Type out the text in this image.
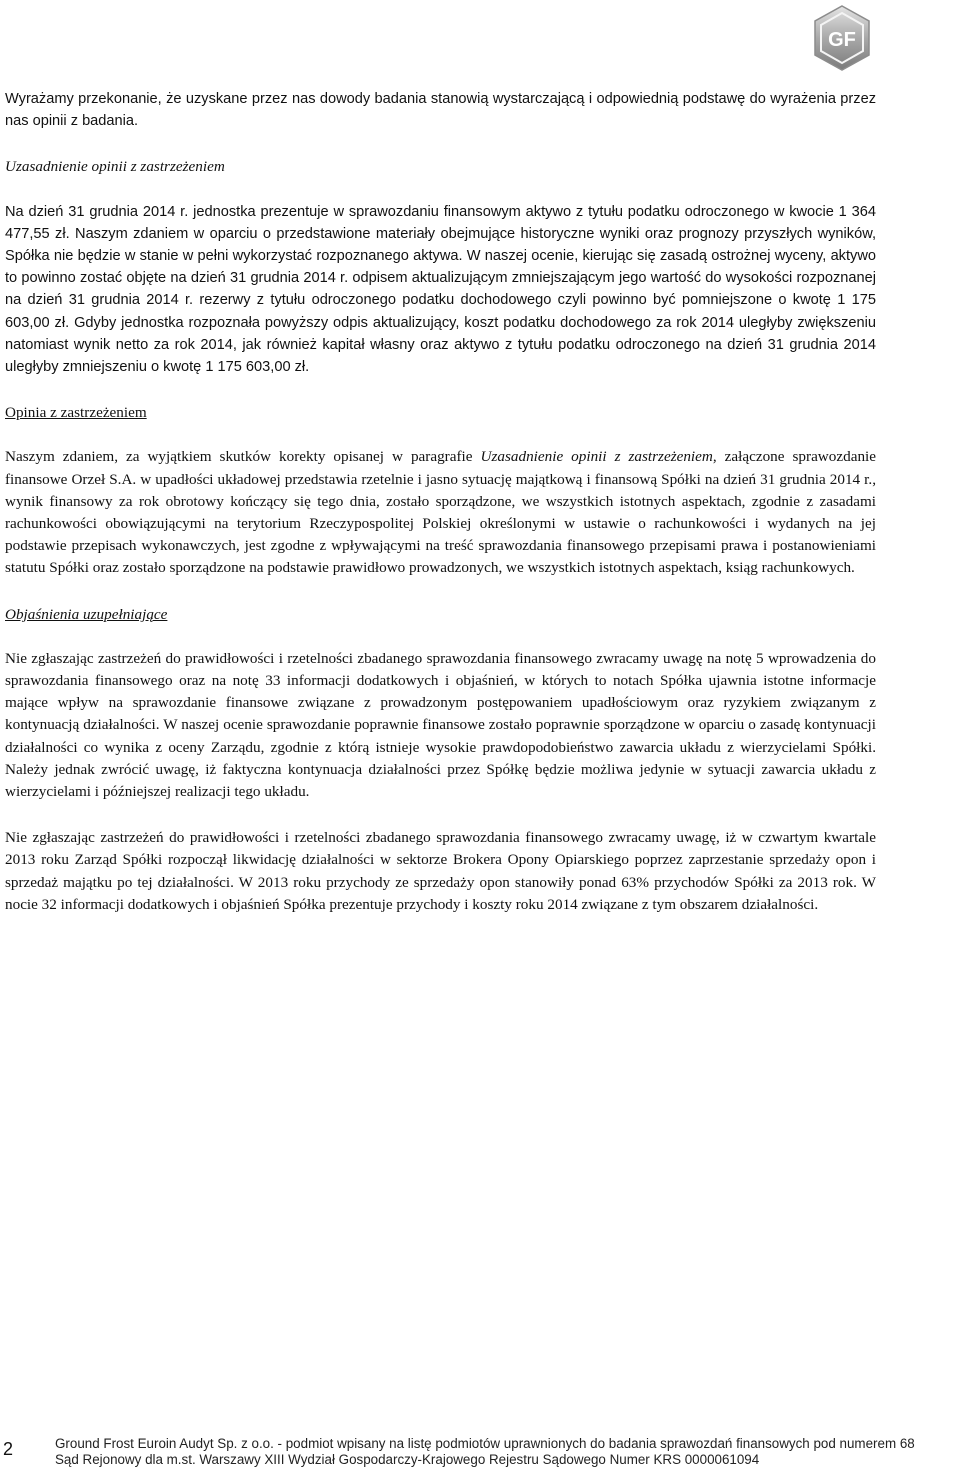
GF

Wyrażamy przekonanie, że uzyskane przez nas dowody badania stanowią wystarczającą i odpowiednią podstawę do wyrażenia przez nas opinii z badania.

Uzasadnienie opinii z zastrzeżeniem

Na dzień 31 grudnia 2014 r. jednostka prezentuje w sprawozdaniu finansowym aktywo z tytułu podatku odroczonego w kwocie 1 364 477,55 zł. Naszym zdaniem w oparciu o przedstawione materiały obejmujące historyczne wyniki oraz prognozy przyszłych wyników, Spółka nie będzie w stanie w pełni wykorzystać rozpoznanego aktywa. W naszej ocenie, kierując się zasadą ostrożnej wyceny, aktywo to powinno zostać objęte na dzień 31 grudnia 2014 r. odpisem aktualizującym zmniejszającym jego wartość do wysokości rozpoznanej na dzień 31 grudnia 2014 r. rezerwy z tytułu odroczonego podatku dochodowego czyli powinno być pomniejszone o kwotę 1 175 603,00 zł. Gdyby jednostka rozpoznała powyższy odpis aktualizujący, koszt podatku dochodowego za rok 2014 uległyby zwiększeniu natomiast wynik netto za rok 2014, jak również kapitał własny oraz aktywo z tytułu podatku odroczonego na dzień 31 grudnia 2014 uległyby zmniejszeniu o kwotę 1 175 603,00 zł.

Opinia z zastrzeżeniem

Naszym zdaniem, za wyjątkiem skutków korekty opisanej w paragrafie Uzasadnienie opinii z zastrzeżeniem, załączone sprawozdanie finansowe Orzeł S.A. w upadłości układowej przedstawia rzetelnie i jasno sytuację majątkową i finansową Spółki na dzień 31 grudnia 2014 r., wynik finansowy za rok obrotowy kończący się tego dnia, zostało sporządzone, we wszystkich istotnych aspektach, zgodnie z zasadami rachunkowości obowiązującymi na terytorium Rzeczypospolitej Polskiej określonymi w ustawie o rachunkowości i wydanych na jej podstawie przepisach wykonawczych, jest zgodne z wpływającymi na treść sprawozdania finansowego przepisami prawa i postanowieniami statutu Spółki oraz zostało sporządzone na podstawie prawidłowo prowadzonych, we wszystkich istotnych aspektach, ksiąg rachunkowych.

Objaśnienia uzupełniające

Nie zgłaszając zastrzeżeń do prawidłowości i rzetelności zbadanego sprawozdania finansowego zwracamy uwagę na notę 5 wprowadzenia do sprawozdania finansowego oraz na notę 33 informacji dodatkowych i objaśnień, w których to notach Spółka ujawnia istotne informacje mające wpływ na sprawozdanie finansowe związane z prowadzonym postępowaniem upadłościowym oraz ryzykiem związanym z kontynuacją działalności. W naszej ocenie sprawozdanie poprawnie finansowe zostało poprawnie sporządzone w oparciu o zasadę kontynuacji działalności co wynika z oceny Zarządu, zgodnie z którą istnieje wysokie prawdopodobieństwo zawarcia układu z wierzycielami Spółki. Należy jednak zwrócić uwagę, iż faktyczna kontynuacja działalności przez Spółkę będzie możliwa jedynie w sytuacji zawarcia układu z wierzycielami i późniejszej realizacji tego układu.

Nie zgłaszając zastrzeżeń do prawidłowości i rzetelności zbadanego sprawozdania finansowego zwracamy uwagę, iż w czwartym kwartale 2013 roku Zarząd Spółki rozpoczął likwidację działalności w sektorze Brokera Opony Opiarskiego poprzez zaprzestanie sprzedaży opon i sprzedaż majątku po tej działalności. W 2013 roku przychody ze sprzedaży opon stanowiły ponad 63% przychodów Spółki za 2013 rok. W nocie 32 informacji dodatkowych i objaśnień Spółka prezentuje przychody i koszty roku 2014 związane z tym obszarem działalności.

2	Ground Frost Euroin Audyt Sp. z o.o. - podmiot wpisany na listę podmiotów uprawnionych do badania sprawozdań finansowych pod numerem 68
Sąd Rejonowy dla m.st. Warszawy XIII Wydział Gospodarczy-Krajowego Rejestru Sądowego Numer KRS 0000061094
